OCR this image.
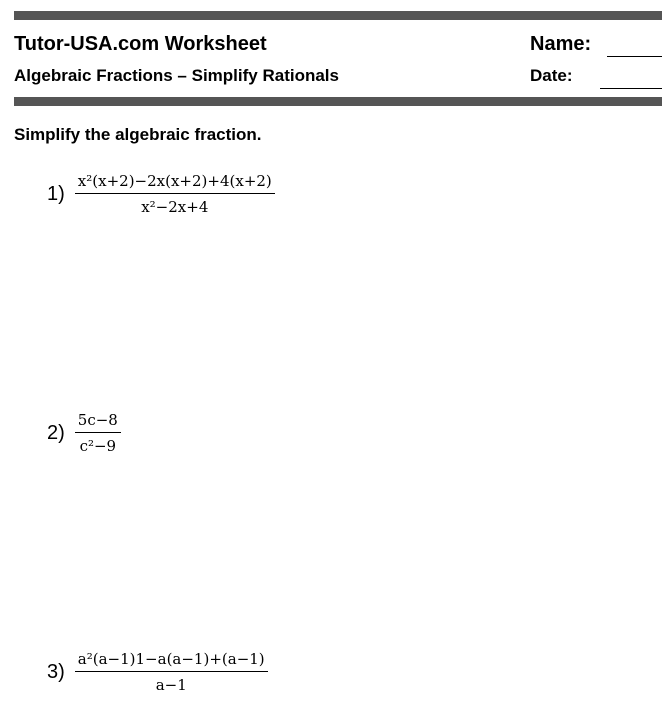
Tutor-USA.com Worksheet
Algebraic Fractions – Simplify Rationals
Name:
Date:
Simplify the algebraic fraction.
$1) \frac{\text{x²(x+2)−2x(x+2)+4(x+2)}}{\text{x²−2x+4}}$
$2) \frac{5c-8}{\text{c²−9}}$
$3) \frac{\text{a²(a−1)1−a(a−1)+(a−1)}}{a-1}$
